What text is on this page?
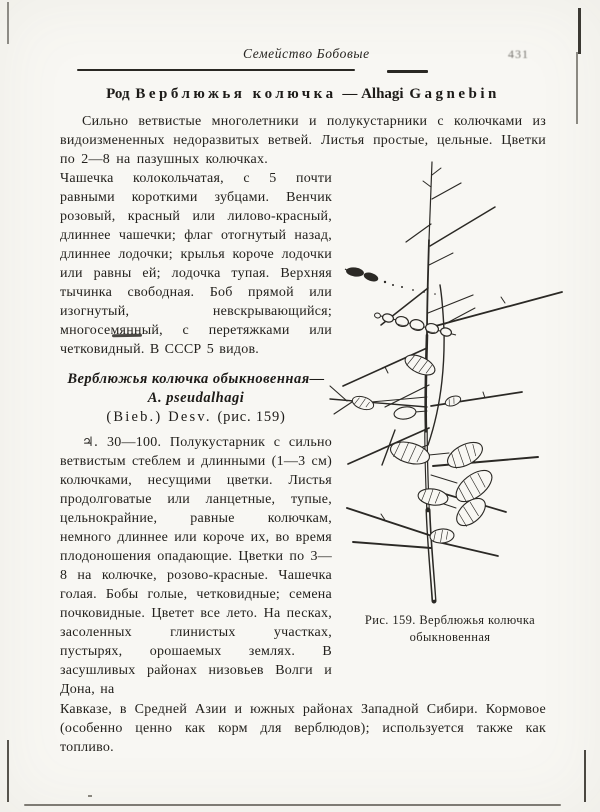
Семейство Бобовые	431
Род Верблюжья колючка — Alhagi Gagnebin

Сильно ветвистые многолетники и полукустарники с колючками из видоизмененных недоразвитых ветвей. Листья простые, цельные. Цветки по 2—8 на пазушных колючках.

Чашечка колокольчатая, с 5 почти равными короткими зубцами. Венчик розовый, красный или лилово-красный, длиннее чашечки; флаг отогнутый назад, длиннее лодочки; крылья короче лодочки или равны ей; лодочка тупая. Верхняя тычинка свободная. Боб прямой или изогнутый, невскрывающийся; многосемянный, с перетяжками или четковидный. В СССР 5 видов.

Верблюжья колючка обыкновенная—A. pseudalhagi
(Bieb.) Desv. (рис. 159)

♃. 30—100. Полукустарник с сильно ветвистым стеблем и длинными (1—3 см) колючками, несущими цветки. Листья продолговатые или ланцетные, тупые, цельнокрайние, равные колючкам, немного длиннее или короче их, во время плодоношения опадающие. Цветки по 3—8 на колючке, розово-красные. Чашечка голая. Бобы голые, четковидные; семена почковидные. Цветет все лето. На песках, засоленных глинистых участках, пустырях, орошаемых землях. В засушливых районах низовьев Волги и Дона, на

Кавказе, в Средней Азии и южных районах Западной Сибири. Кормовое (особенно ценно как корм для верблюдов); используется также как топливо.

Рис. 159. Верблюжья колючка обыкновенная
